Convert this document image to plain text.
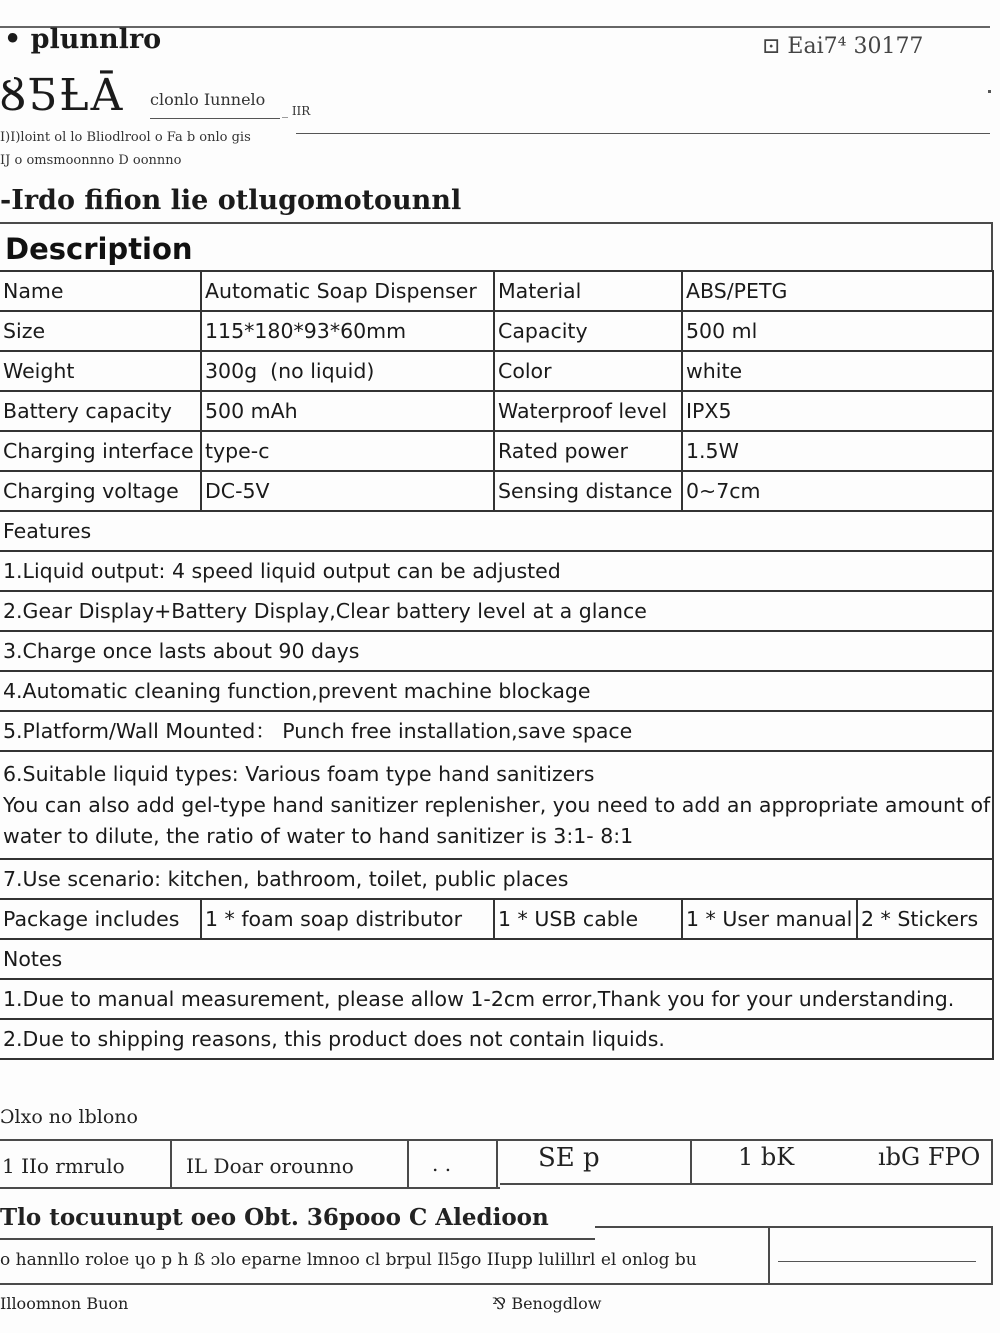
• plunnlro	⊡ Eai7⁴ 30177
ȢƼȽĀ clonlo Iunnelo
_ IIR
I)I)loint ol lo Bliodlrool o Fa b onlo gis
IJ o omsmoonnno D oonnno
-Irdo fifion lie otlugomotounnl
Description
Name	Automatic Soap Dispenser	Material	ABS/PETG	
Size	115*180*93*60mm	Capacity	500 ml	
Weight	300g  (no liquid)	Color	white	
Battery capacity	500 mAh	Waterproof level	IPX5	
Charging interface	type-c	Rated power	1.5W	
Charging voltage	DC-5V	Sensing distance	0~7cm	
Features				
1.Liquid output: 4 speed liquid output can be adjusted				
2.Gear Display+Battery Display,Clear battery level at a glance				
3.Charge once lasts about 90 days				
4.Automatic cleaning function,prevent machine blockage				
5.Platform/Wall Mounted： Punch free installation,save space				

6.Suitable liquid types: Various foam type hand sanitizers
You can also add gel-type hand sanitizer replenisher, you need to add an appropriate amount of
water to dilute, the ratio of water to hand sanitizer is 3:1- 8:1				

7.Use scenario: kitchen, bathroom, toilet, public places				
Package includes	1 * foam soap distributor	1 * USB cable	1 * User manual	2 * Stickers
Notes				
1.Due to manual measurement, please allow 1-2cm error,Thank you for your understanding.				
2.Due to shipping reasons, this product does not contain liquids.				
Ɔlxo no lblono
1 IIo rmrulo	IL Doar orounno	. .	SE p	1 bK	ıbG FPO
Tlo tocuunupt oeo Obt. 36pooo C Aledioon
o hannllo roloe ɥo p h ß ɔlo eparne lmnoo cl brpul Il5go IIupp lulillırl el onlog bu
Illoomnon Buon	⅋ Benogdlow
